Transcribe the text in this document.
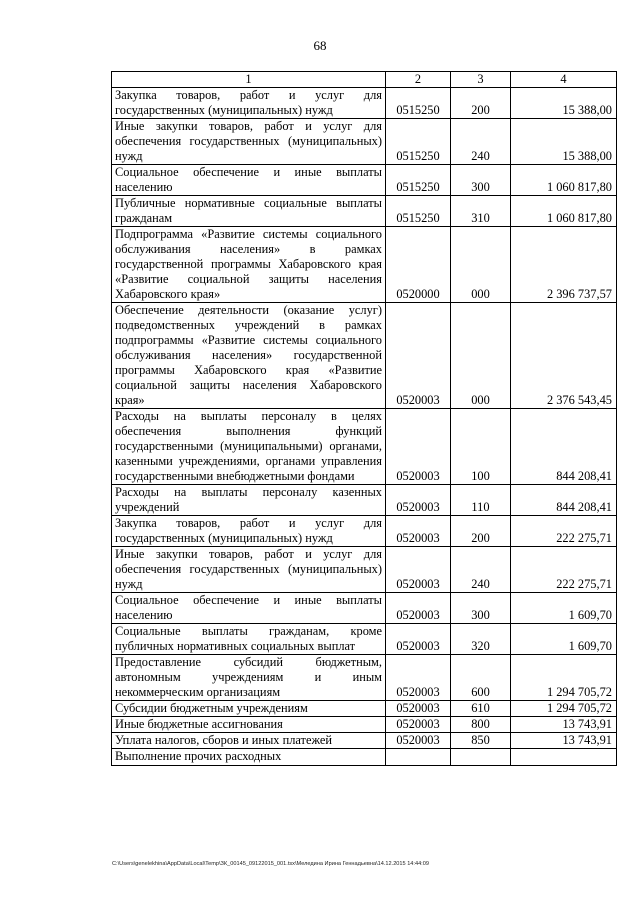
68
1	2	3	4
Закупка товаров, работ и услуг для государственных (муниципальных) нужд	0515250	200	15 388,00
Иные закупки товаров, работ и услуг для обеспечения государственных (муниципальных) нужд	0515250	240	15 388,00
Социальное обеспечение и иные выплаты населению	0515250	300	1 060 817,80
Публичные нормативные социальные выплаты гражданам	0515250	310	1 060 817,80
Подпрограмма «Развитие системы социального обслуживания населения» в рамках государственной программы Хабаровского края «Развитие социальной защиты населения Хабаровского края»	0520000	000	2 396 737,57
Обеспечение деятельности (оказание услуг) подведомственных учреждений в рамках подпрограммы «Развитие системы социального обслуживания населения» государственной программы Хабаровского края «Развитие социальной защиты населения Хабаровского края»	0520003	000	2 376 543,45
Расходы на выплаты персоналу в целях обеспечения выполнения функций государственными (муниципальными) органами, казенными учреждениями, органами управления государственными внебюджетными фондами	0520003	100	844 208,41
Расходы на выплаты персоналу казенных учреждений	0520003	110	844 208,41
Закупка товаров, работ и услуг для государственных (муниципальных) нужд	0520003	200	222 275,71
Иные закупки товаров, работ и услуг для обеспечения государственных (муниципальных) нужд	0520003	240	222 275,71
Социальное обеспечение и иные выплаты населению	0520003	300	1 609,70
Социальные выплаты гражданам, кроме публичных нормативных социальных выплат	0520003	320	1 609,70
Предоставление субсидий бюджетным, автономным учреждениям и иным некоммерческим организациям	0520003	600	1 294 705,72
Субсидии бюджетным учреждениям	0520003	610	1 294 705,72
Иные бюджетные ассигнования	0520003	800	13 743,91
Уплата налогов, сборов и иных платежей	0520003	850	13 743,91
Выполнение прочих расходных			
C:\Users\genelekhina\AppData\Local\Temp\ЗК_00145_09122015_001.tsx\Меледина Ирина Геннадьевна\14.12.2015 14:44:09
